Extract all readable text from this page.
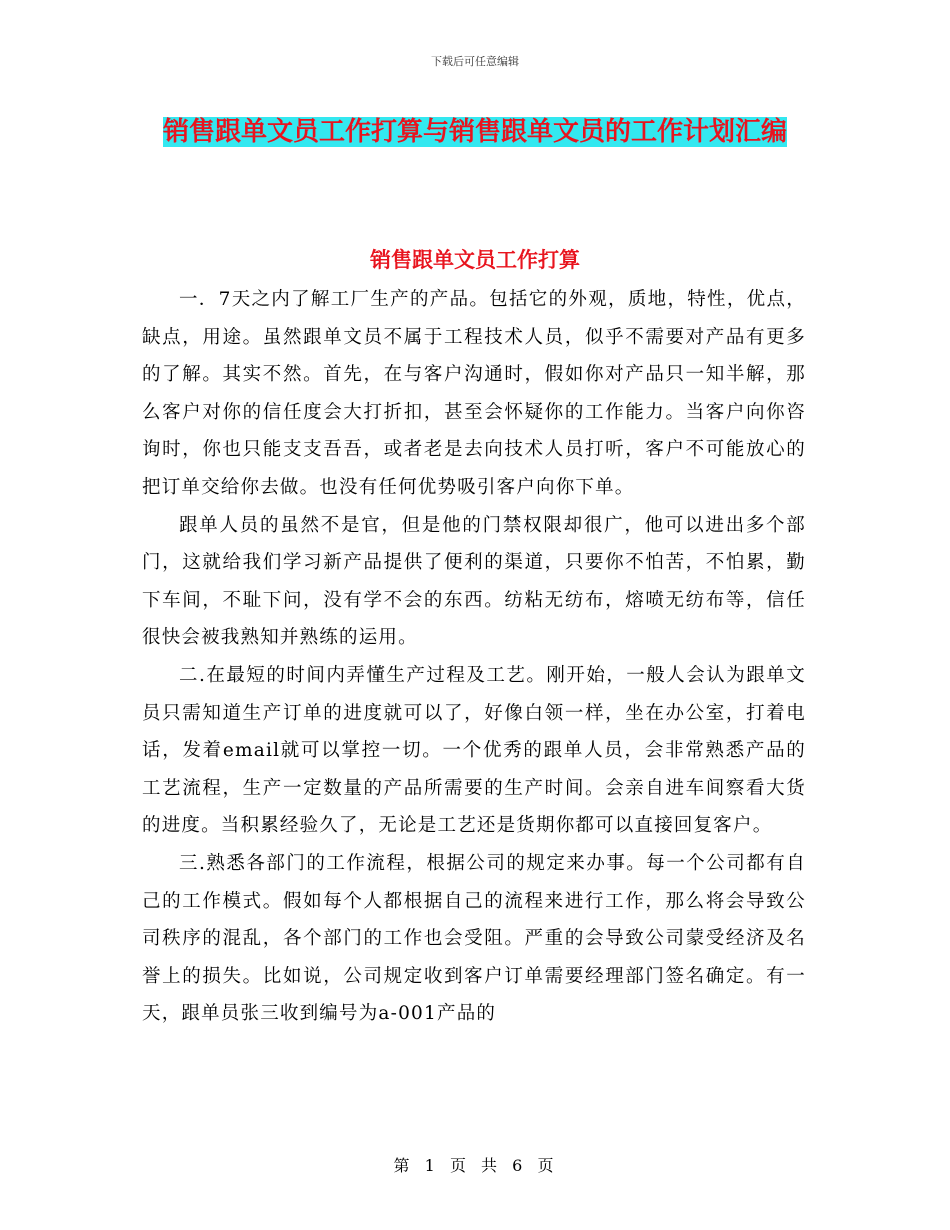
下载后可任意编辑
销售跟单文员工作打算与销售跟单文员的工作计划汇编
销售跟单文员工作打算

一．7天之内了解工厂生产的产品。包括它的外观，质地，特性，优点，缺点，用途。虽然跟单文员不属于工程技术人员，似乎不需要对产品有更多的了解。其实不然。首先，在与客户沟通时，假如你对产品只一知半解，那么客户对你的信任度会大打折扣，甚至会怀疑你的工作能力。当客户向你咨询时，你也只能支支吾吾，或者老是去向技术人员打听，客户不可能放心的把订单交给你去做。也没有任何优势吸引客户向你下单。

跟单人员的虽然不是官，但是他的门禁权限却很广，他可以进出多个部门，这就给我们学习新产品提供了便利的渠道，只要你不怕苦，不怕累，勤下车间，不耻下问，没有学不会的东西。纺粘无纺布，熔喷无纺布等，信任很快会被我熟知并熟练的运用。

二.在最短的时间内弄懂生产过程及工艺。刚开始，一般人会认为跟单文员只需知道生产订单的进度就可以了，好像白领一样，坐在办公室，打着电话，发着email就可以掌控一切。一个优秀的跟单人员，会非常熟悉产品的工艺流程，生产一定数量的产品所需要的生产时间。会亲自进车间察看大货的进度。当积累经验久了，无论是工艺还是货期你都可以直接回复客户。

三.熟悉各部门的工作流程，根据公司的规定来办事。每一个公司都有自己的工作模式。假如每个人都根据自己的流程来进行工作，那么将会导致公司秩序的混乱，各个部门的工作也会受阻。严重的会导致公司蒙受经济及名誉上的损失。比如说，公司规定收到客户订单需要经理部门签名确定。有一天，跟单员张三收到编号为a-001产品的

第 1 页 共 6 页
